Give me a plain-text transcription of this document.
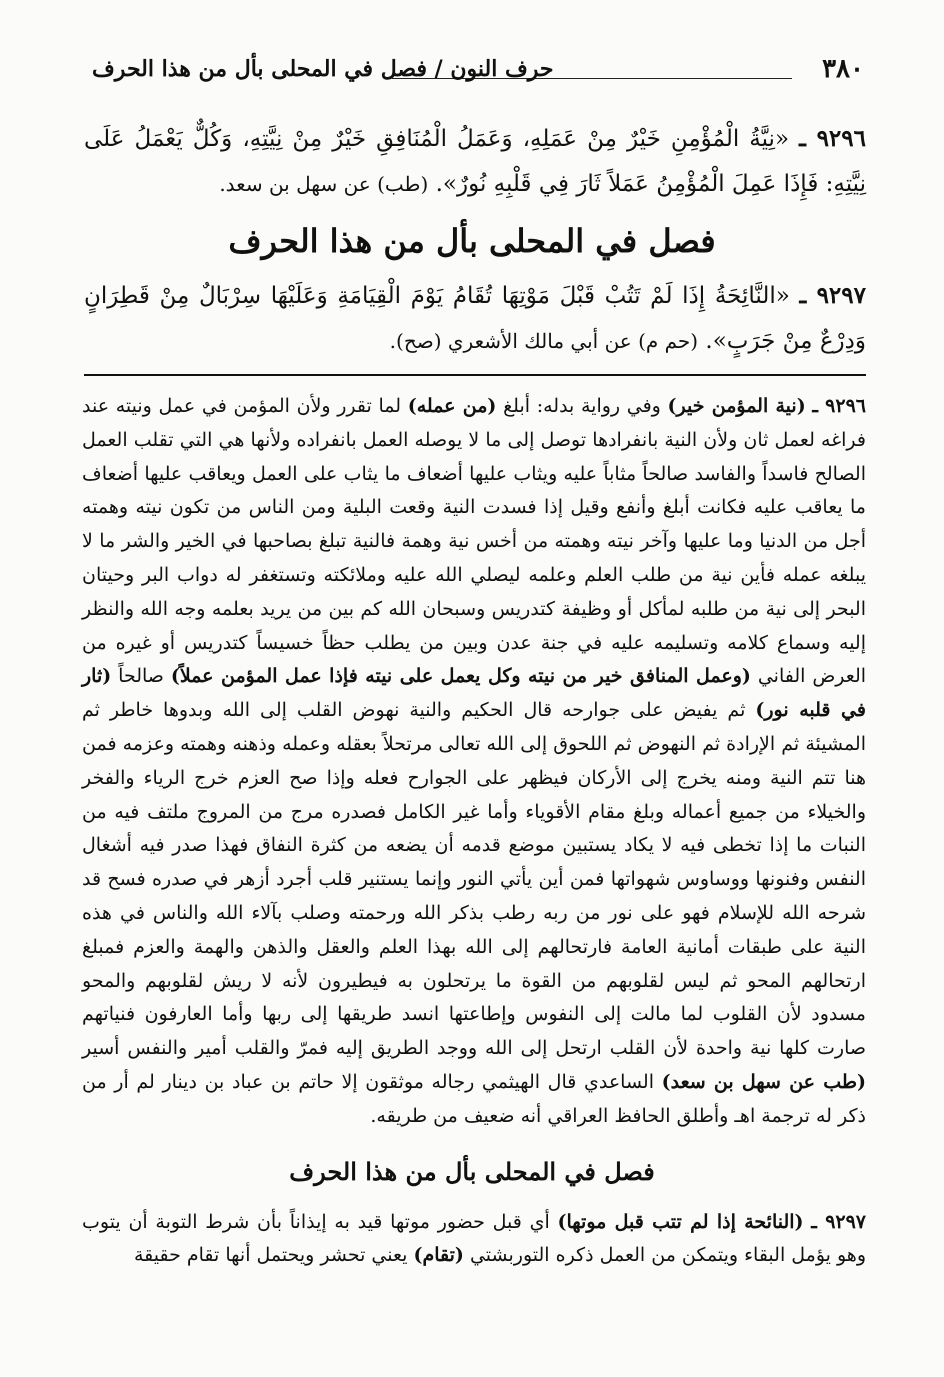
٣٨٠
حرف النون / فصل في المحلى بأل من هذا الحرف
٩٢٩٦ ـ «نِيَّةُ الْمُؤْمِنِ خَيْرٌ مِنْ عَمَلِهِ، وَعَمَلُ الْمُنَافِقِ خَيْرٌ مِنْ نِيَّتِهِ، وَكُلٌّ يَعْمَلُ عَلَى نِيَّتِهِ: فَإِذَا عَمِلَ الْمُؤْمِنُ عَمَلاً ثَارَ فِي قَلْبِهِ نُورٌ». (طب) عن سهل بن سعد.
فصل في المحلى بأل من هذا الحرف
٩٢٩٧ ـ «النَّائِحَةُ إِذَا لَمْ تَتُبْ قَبْلَ مَوْتِهَا تُقَامُ يَوْمَ الْقِيَامَةِ وَعَلَيْهَا سِرْبَالٌ مِنْ قَطِرَانٍ وَدِرْعٌ مِنْ جَرَبٍ». (حم م) عن أبي مالك الأشعري (صح).
٩٢٩٦ ـ (نية المؤمن خير) وفي رواية بدله: أبلغ (من عمله) لما تقرر ولأن المؤمن في عمل ونيته عند فراغه لعمل ثان ولأن النية بانفرادها توصل إلى ما لا يوصله العمل بانفراده ولأنها هي التي تقلب العمل الصالح فاسداً والفاسد صالحاً مثاباً عليه ويثاب عليها أضعاف ما يثاب على العمل ويعاقب عليها أضعاف ما يعاقب عليه فكانت أبلغ وأنفع وقيل إذا فسدت النية وقعت البلية ومن الناس من تكون نيته وهمته أجل من الدنيا وما عليها وآخر نيته وهمته من أخس نية وهمة فالنية تبلغ بصاحبها في الخير والشر ما لا يبلغه عمله فأين نية من طلب العلم وعلمه ليصلي الله عليه وملائكته وتستغفر له دواب البر وحيتان البحر إلى نية من طلبه لمأكل أو وظيفة كتدريس وسبحان الله كم بين من يريد بعلمه وجه الله والنظر إليه وسماع كلامه وتسليمه عليه في جنة عدن وبين من يطلب حظاً خسيساً كتدريس أو غيره من العرض الفاني (وعمل المنافق خير من نيته وكل يعمل على نيته فإذا عمل المؤمن عملاً) صالحاً (ثار في قلبه نور) ثم يفيض على جوارحه قال الحكيم والنية نهوض القلب إلى الله وبدوها خاطر ثم المشيئة ثم الإرادة ثم النهوض ثم اللحوق إلى الله تعالى مرتحلاً بعقله وعمله وذهنه وهمته وعزمه فمن هنا تتم النية ومنه يخرج إلى الأركان فيظهر على الجوارح فعله وإذا صح العزم خرج الرياء والفخر والخيلاء من جميع أعماله وبلغ مقام الأقوياء وأما غير الكامل فصدره مرج من المروج ملتف فيه من النبات ما إذا تخطى فيه لا يكاد يستبين موضع قدمه أن يضعه من كثرة النفاق فهذا صدر فيه أشغال النفس وفنونها ووساوس شهواتها فمن أين يأتي النور وإنما يستنير قلب أجرد أزهر في صدره فسح قد شرحه الله للإسلام فهو على نور من ربه رطب بذكر الله ورحمته وصلب بآلاء الله والناس في هذه النية على طبقات أمانية العامة فارتحالهم إلى الله بهذا العلم والعقل والذهن والهمة والعزم فمبلغ ارتحالهم المحو ثم ليس لقلوبهم من القوة ما يرتحلون به فيطيرون لأنه لا ريش لقلوبهم والمحو مسدود لأن القلوب لما مالت إلى النفوس وإطاعتها انسد طريقها إلى ربها وأما العارفون فنياتهم صارت كلها نية واحدة لأن القلب ارتحل إلى الله ووجد الطريق إليه فمرّ والقلب أمير والنفس أسير (طب عن سهل بن سعد) الساعدي قال الهيثمي رجاله موثقون إلا حاتم بن عباد بن دينار لم أر من ذكر له ترجمة اهـ وأطلق الحافظ العراقي أنه ضعيف من طريقه.
فصل في المحلى بأل من هذا الحرف
٩٢٩٧ ـ (النائحة إذا لم تتب قبل موتها) أي قبل حضور موتها قيد به إيذاناً بأن شرط التوبة أن يتوب وهو يؤمل البقاء ويتمكن من العمل ذكره التوربشتي (تقام) يعني تحشر ويحتمل أنها تقام حقيقة
